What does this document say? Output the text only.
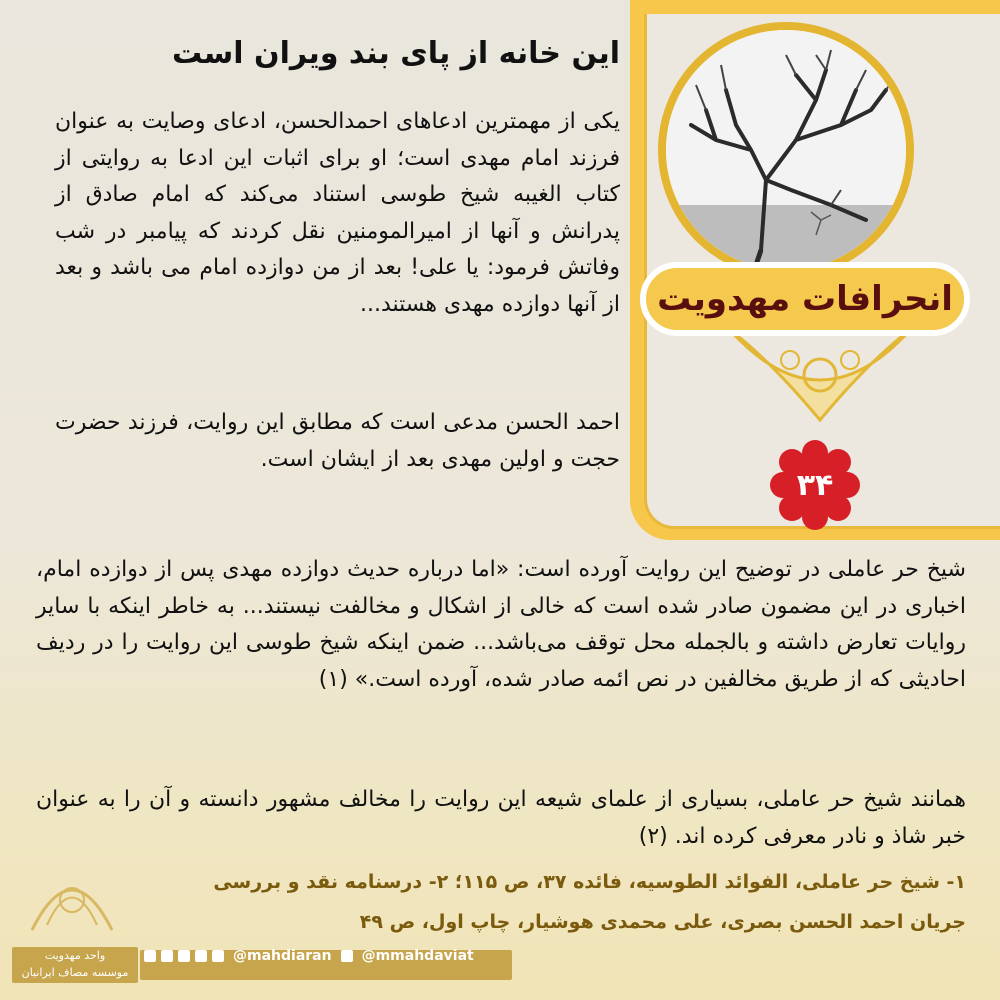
انحرافات مهدویت
۳۴
این خانه از پای بند ویران است
یکی از مهمترین ادعاهای احمدالحسن، ادعای وصایت به عنوان فرزند امام مهدی است؛ او برای اثبات این ادعا به روایتی از کتاب الغیبه شیخ طوسی استناد می‌کند که امام صادق از پدرانش و آنها از امیرالمومنین نقل کردند که پیامبر در شب وفاتش فرمود: یا علی! بعد از من دوازده امام می باشد و بعد از آنها دوازده مهدی هستند...
احمد الحسن مدعی است که مطابق این روایت، فرزند حضرت حجت و اولین مهدی بعد از ایشان است.
شیخ حر عاملی در توضیح این روایت آورده است: «اما درباره حدیث دوازده مهدی پس از دوازده امام، اخباری در این مضمون صادر شده است که خالی از اشکال و مخالفت نیستند... به خاطر اینکه با سایر روایات تعارض داشته و بالجمله محل توقف می‌باشد... ضمن اینکه شیخ طوسی این روایت را در ردیف احادیثی که از طریق مخالفین در نص ائمه صادر شده، آورده است.» (۱)
همانند شیخ حر عاملی، بسیاری از علمای شیعه این روایت را مخالف مشهور دانسته و آن را به عنوان خبر شاذ و نادر معرفی کرده اند. (۲)
۱- شیخ حر عاملی، الفوائد الطوسیه، فائده ۳۷، ص ۱۱۵؛ ۲- درسنامه نقد و بررسی جریان احمد الحسن بصری، علی محمدی هوشیار، چاپ اول، ص ۴۹
واحد مهدویت
موسسه مصاف ایرانیان
@mahdiaran @mmahdaviat
